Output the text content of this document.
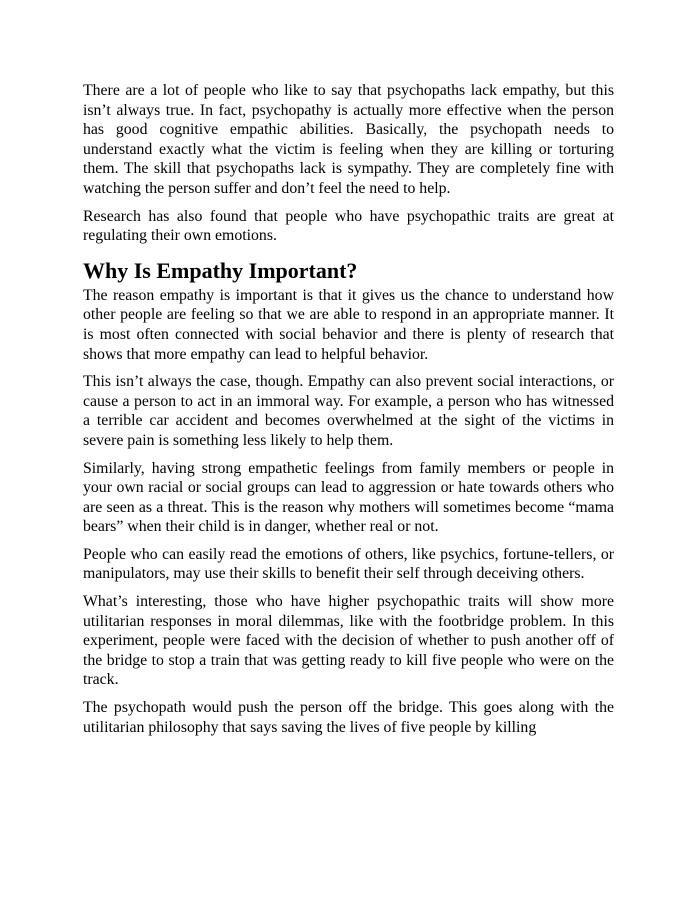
There are a lot of people who like to say that psychopaths lack empathy, but this isn’t always true. In fact, psychopathy is actually more effective when the person has good cognitive empathic abilities. Basically, the psychopath needs to understand exactly what the victim is feeling when they are killing or torturing them. The skill that psychopaths lack is sympathy. They are completely fine with watching the person suffer and don’t feel the need to help.

Research has also found that people who have psychopathic traits are great at regulating their own emotions.

Why Is Empathy Important?

The reason empathy is important is that it gives us the chance to understand how other people are feeling so that we are able to respond in an appropriate manner. It is most often connected with social behavior and there is plenty of research that shows that more empathy can lead to helpful behavior.

This isn’t always the case, though. Empathy can also prevent social interactions, or cause a person to act in an immoral way. For example, a person who has witnessed a terrible car accident and becomes overwhelmed at the sight of the victims in severe pain is something less likely to help them.

Similarly, having strong empathetic feelings from family members or people in your own racial or social groups can lead to aggression or hate towards others who are seen as a threat. This is the reason why mothers will sometimes become “mama bears” when their child is in danger, whether real or not.

People who can easily read the emotions of others, like psychics, fortune-tellers, or manipulators, may use their skills to benefit their self through deceiving others.

What’s interesting, those who have higher psychopathic traits will show more utilitarian responses in moral dilemmas, like with the footbridge problem. In this experiment, people were faced with the decision of whether to push another off of the bridge to stop a train that was getting ready to kill five people who were on the track.

The psychopath would push the person off the bridge. This goes along with the utilitarian philosophy that says saving the lives of five people by killing
